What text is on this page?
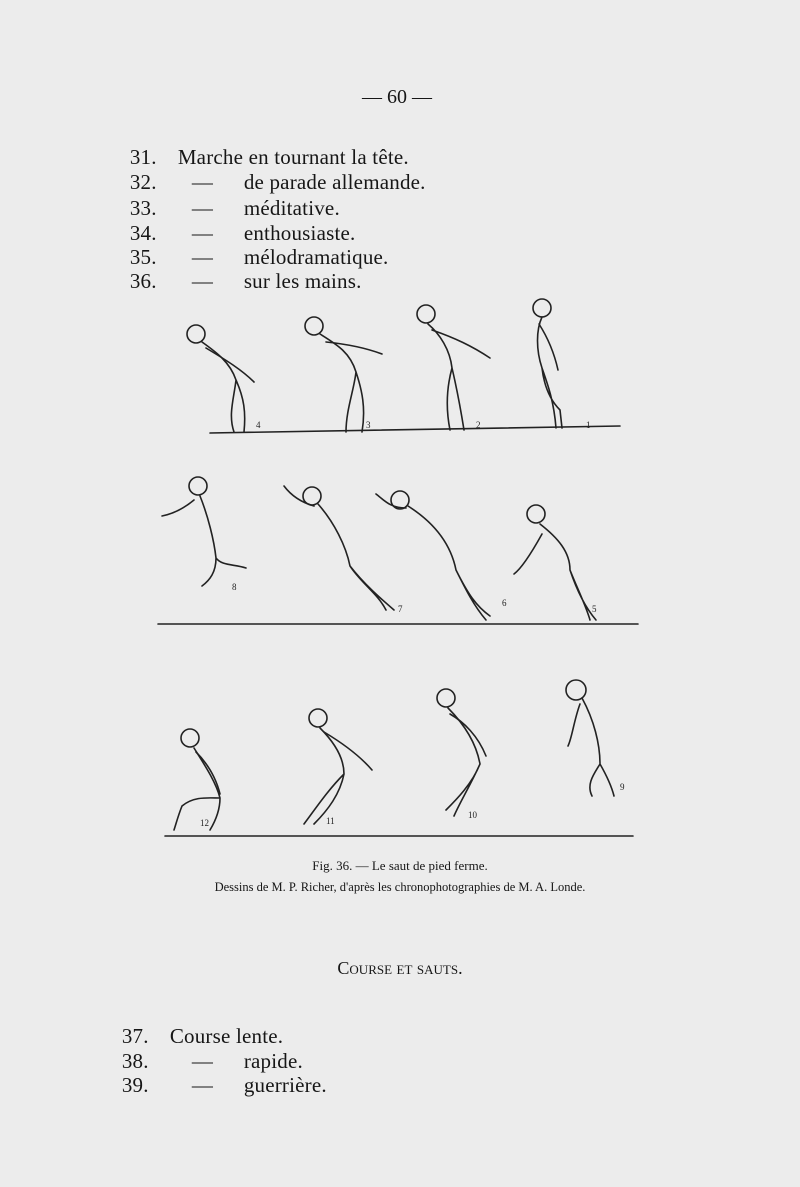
— 60 —

31. Marche en tournant la tête.

32. — de parade allemande.

33. — méditative.

34. — enthousiaste.

35. — mélodramatique.

36. — sur les mains.

4	3	2	1
8
7
6
5
12	11
10
9
Fig. 36. — Le saut de pied ferme.
Dessins de M. P. Richer, d'après les chronophotographies de M. A. Londe.
Course et sauts.

37. Course lente.

38. — rapide.

39. — guerrière.
